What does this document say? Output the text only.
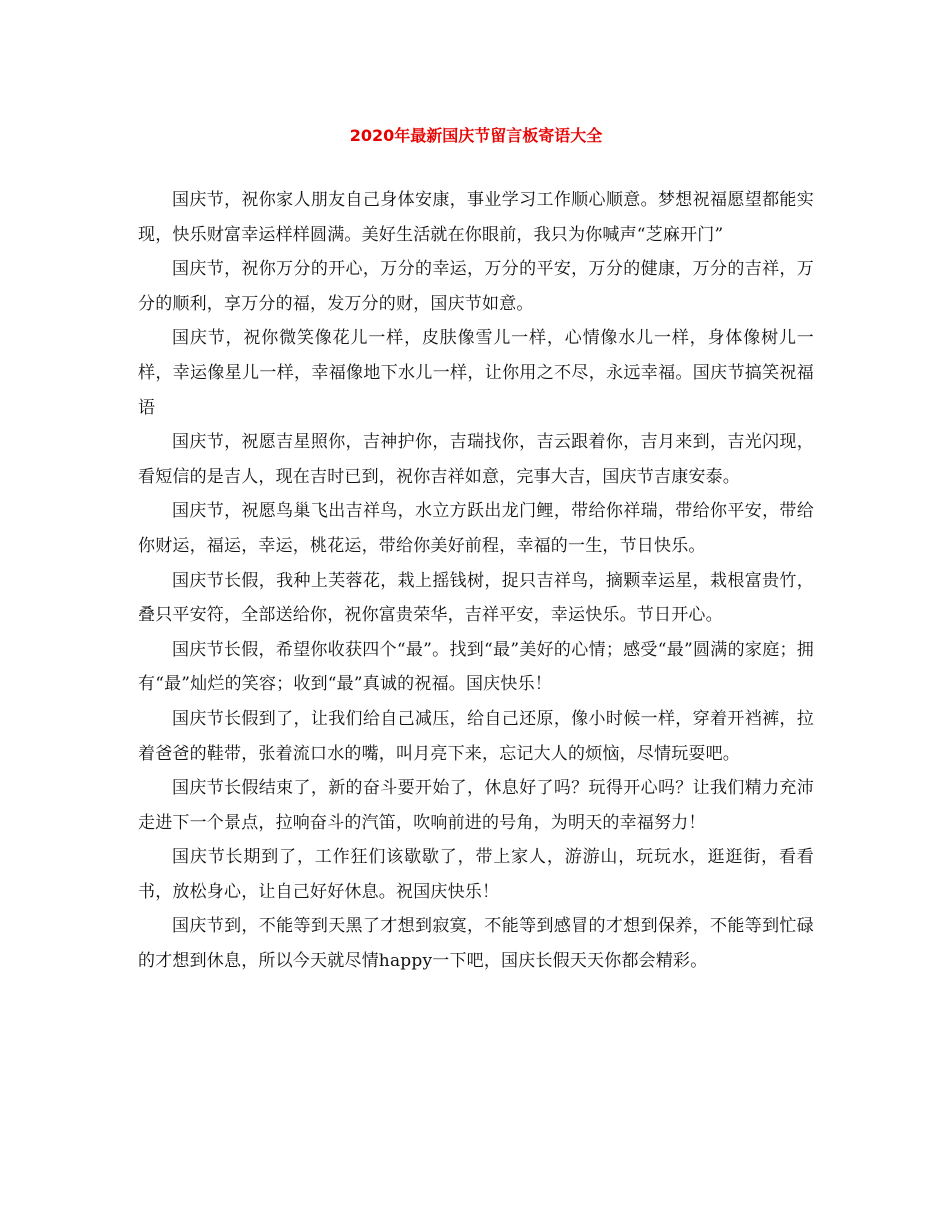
2020年最新国庆节留言板寄语大全

国庆节，祝你家人朋友自己身体安康，事业学习工作顺心顺意。梦想祝福愿望都能实现，快乐财富幸运样样圆满。美好生活就在你眼前，我只为你喊声“芝麻开门”

国庆节，祝你万分的开心，万分的幸运，万分的平安，万分的健康，万分的吉祥，万分的顺利，享万分的福，发万分的财，国庆节如意。

国庆节，祝你微笑像花儿一样，皮肤像雪儿一样，心情像水儿一样，身体像树儿一样，幸运像星儿一样，幸福像地下水儿一样，让你用之不尽，永远幸福。国庆节搞笑祝福语

国庆节，祝愿吉星照你，吉神护你，吉瑞找你，吉云跟着你，吉月来到，吉光闪现，看短信的是吉人，现在吉时已到，祝你吉祥如意，完事大吉，国庆节吉康安泰。

国庆节，祝愿鸟巢飞出吉祥鸟，水立方跃出龙门鲤，带给你祥瑞，带给你平安，带给你财运，福运，幸运，桃花运，带给你美好前程，幸福的一生，节日快乐。

国庆节长假，我种上芙蓉花，栽上摇钱树，捉只吉祥鸟，摘颗幸运星，栽根富贵竹，叠只平安符，全部送给你，祝你富贵荣华，吉祥平安，幸运快乐。节日开心。

国庆节长假，希望你收获四个“最”。找到“最”美好的心情；感受“最”圆满的家庭；拥有“最”灿烂的笑容；收到“最”真诚的祝福。国庆快乐！

国庆节长假到了，让我们给自己减压，给自己还原，像小时候一样，穿着开裆裤，拉着爸爸的鞋带，张着流口水的嘴，叫月亮下来，忘记大人的烦恼，尽情玩耍吧。

国庆节长假结束了，新的奋斗要开始了，休息好了吗？玩得开心吗？让我们精力充沛走进下一个景点，拉响奋斗的汽笛，吹响前进的号角，为明天的幸福努力！

国庆节长期到了，工作狂们该歇歇了，带上家人，游游山，玩玩水，逛逛街，看看书，放松身心，让自己好好休息。祝国庆快乐！

国庆节到，不能等到天黑了才想到寂寞，不能等到感冒的才想到保养，不能等到忙碌的才想到休息，所以今天就尽情happy一下吧，国庆长假天天你都会精彩。
